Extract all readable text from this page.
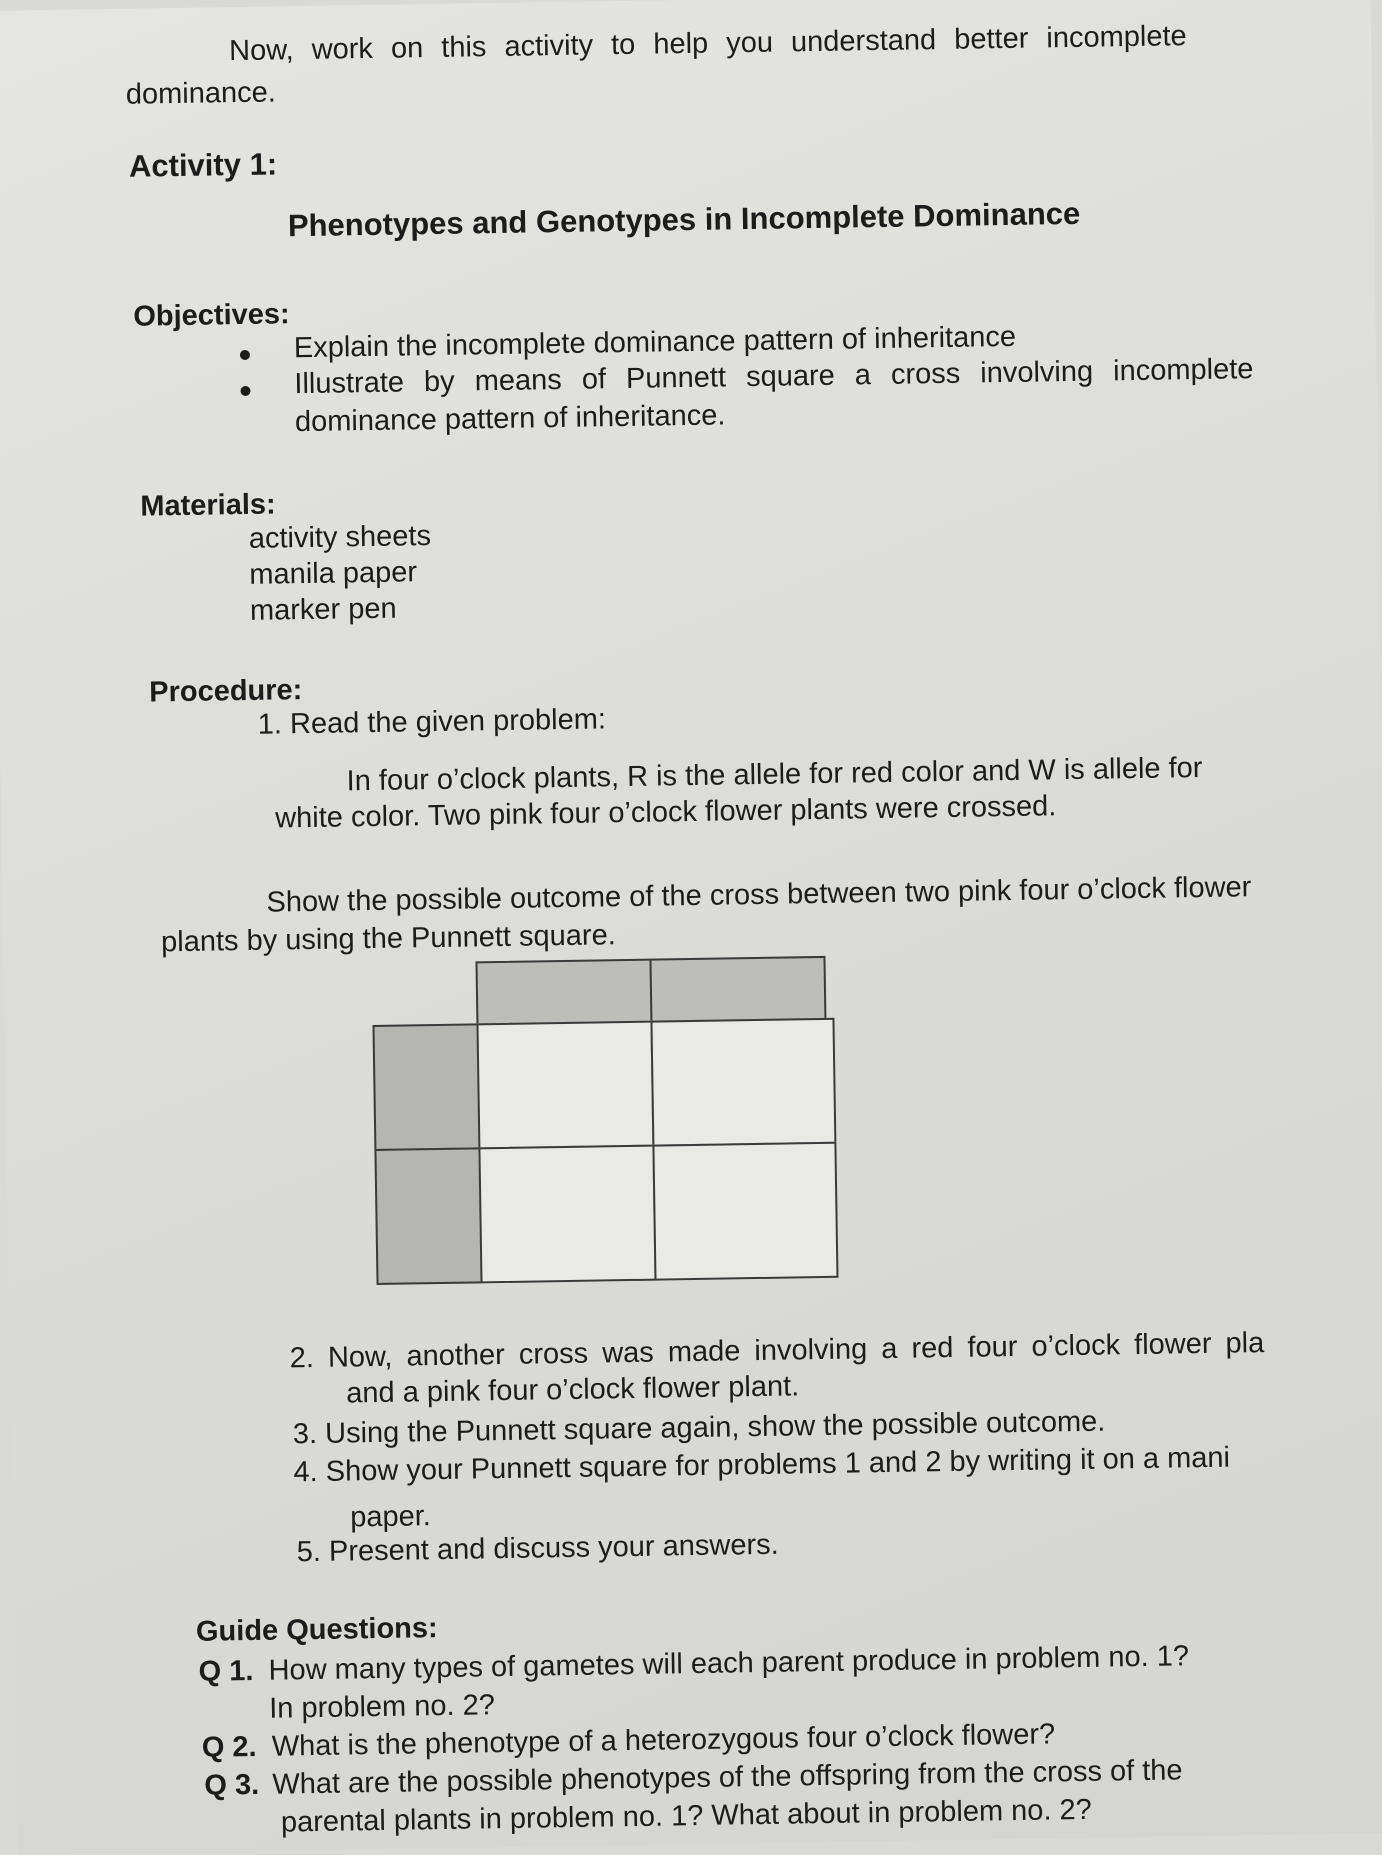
Now, work on this activity to help you understand better incomplete
dominance.
Activity 1:
Phenotypes and Genotypes in Incomplete Dominance
Objectives:
Explain the incomplete dominance pattern of inheritance
Illustrate by means of Punnett square a cross involving incomplete
dominance pattern of inheritance.
Materials:
activity sheets
manila paper
marker pen
Procedure:
1. Read the given problem:
In four o’clock plants, R is the allele for red color and W is allele for
white color. Two pink four o’clock flower plants were crossed.
Show the possible outcome of the cross between two pink four o’clock flower
plants by using the Punnett square.
2. Now, another cross was made involving a red four o’clock flower pla
and a pink four o’clock flower plant.
3. Using the Punnett square again, show the possible outcome.
4. Show your Punnett square for problems 1 and 2 by writing it on a mani
paper.
5. Present and discuss your answers.
Guide Questions:
Q 1. How many types of gametes will each parent produce in problem no. 1?
In problem no. 2?
Q 2. What is the phenotype of a heterozygous four o’clock flower?
Q 3. What are the possible phenotypes of the offspring from the cross of the
parental plants in problem no. 1? What about in problem no. 2?
